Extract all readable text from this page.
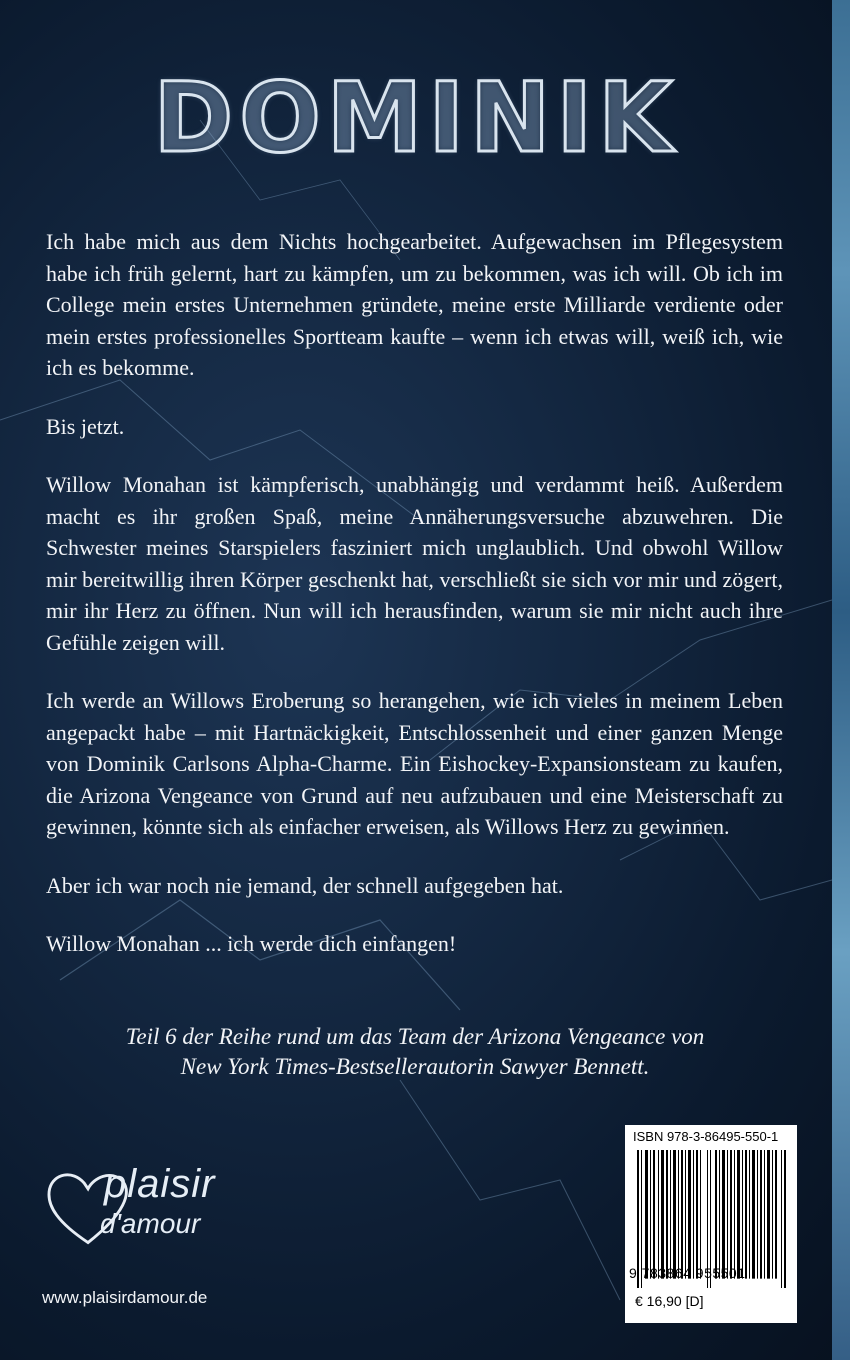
DOMINIK

Ich habe mich aus dem Nichts hochgearbeitet. Aufgewachsen im Pflegesystem habe ich früh gelernt, hart zu kämpfen, um zu bekommen, was ich will. Ob ich im College mein erstes Unternehmen gründete, meine erste Milliarde verdiente oder mein erstes professionelles Sportteam kaufte – wenn ich etwas will, weiß ich, wie ich es bekomme.

Bis jetzt.

Willow Monahan ist kämpferisch, unabhängig und verdammt heiß. Außerdem macht es ihr großen Spaß, meine Annäherungsversuche abzuwehren. Die Schwester meines Starspielers fasziniert mich unglaublich. Und obwohl Willow mir bereitwillig ihren Körper geschenkt hat, verschließt sie sich vor mir und zögert, mir ihr Herz zu öffnen. Nun will ich herausfinden, warum sie mir nicht auch ihre Gefühle zeigen will.

Ich werde an Willows Eroberung so herangehen, wie ich vieles in meinem Leben angepackt habe – mit Hartnäckigkeit, Entschlossenheit und einer ganzen Menge von Dominik Carlsons Alpha-Charme. Ein Eishockey-Expansionsteam zu kaufen, die Arizona Vengeance von Grund auf neu aufzubauen und eine Meisterschaft zu gewinnen, könnte sich als einfacher erweisen, als Willows Herz zu gewinnen.

Aber ich war noch nie jemand, der schnell aufgegeben hat.

Willow Monahan ... ich werde dich einfangen!

Teil 6 der Reihe rund um das Team der Arizona Vengeance von
New York Times-Bestsellerautorin Sawyer Bennett.
plaisir
d'amour
www.plaisirdamour.de
ISBN 978-3-86495-550-1
9 783864 955501
€ 16,90 [D]
